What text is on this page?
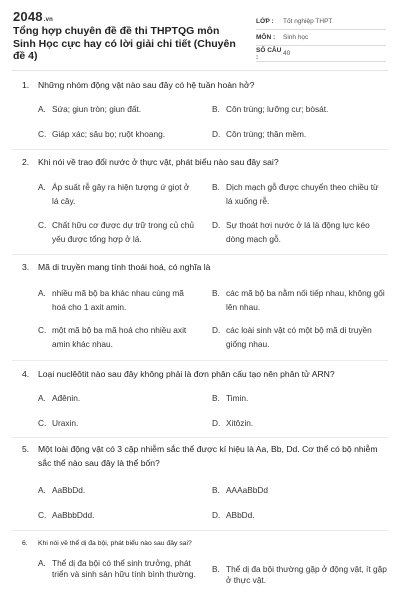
2048.vn
Tổng hợp chuyên đề đề thi THPTQG môn Sinh Học cực hay có lời giải chi tiết (Chuyên đề 4)
LỚP :	Tốt nghiệp THPT
MÔN :	Sinh học
SỐ CÂU :	40
1.	Những nhóm động vật nào sau đây có hệ tuần hoàn hở?
A. Sứa; giun tròn; giun đất.	B. Côn trùng; lưỡng cư; bòsát.
C. Giáp xác; sâu bọ; ruột khoang.	D. Côn trùng; thân mềm.
2.	Khi nói về trao đổi nước ở thực vật, phát biểu nào sau đây sai?
A. Áp suất rễ gây ra hiện tượng ứ giọt ở lá cây.
B. Dịch mạch gỗ được chuyển theo chiều từ lá xuống rễ.
C. Chất hữu cơ được dự trữ trong củ chủ yếu được tổng hợp ở lá.
D. Sự thoát hơi nước ở lá là động lực kéo dòng mạch gỗ.
3.	Mã di truyền mang tính thoái hoá, có nghĩa là
A. nhiều mã bộ ba khác nhau cùng mã hoá cho 1 axit amin.
B. các mã bộ ba nằm nối tiếp nhau, không gối lên nhau.
C. một mã bộ ba mã hoá cho nhiều axit amin khác nhau.
D. các loài sinh vật có một bộ mã di truyền giống nhau.
4.	Loại nuclêôtit nào sau đây không phải là đơn phân cấu tạo nên phân tử ARN?
A. Ađênin.	B. Timin.
C. Uraxin.	D. Xitôzin.
5.	Một loài động vật có 3 cặp nhiễm sắc thể được kí hiệu là Aa, Bb, Dd. Cơ thể có bộ nhiễm sắc thể nào sau đây là thể bốn?
A. AaBbDd.	B. AAAaBbDd
C. AaBbbDdd.	D. ABbDd.
6.	Khi nói về thể dị đa bội, phát biểu nào sau đây sai?
A. Thể dị đa bội có thể sinh trưởng, phát triển và sinh sản hữu tính bình thường. B. Thể dị đa bội thường gặp ở động vật, ít gặp ở thực vật.
